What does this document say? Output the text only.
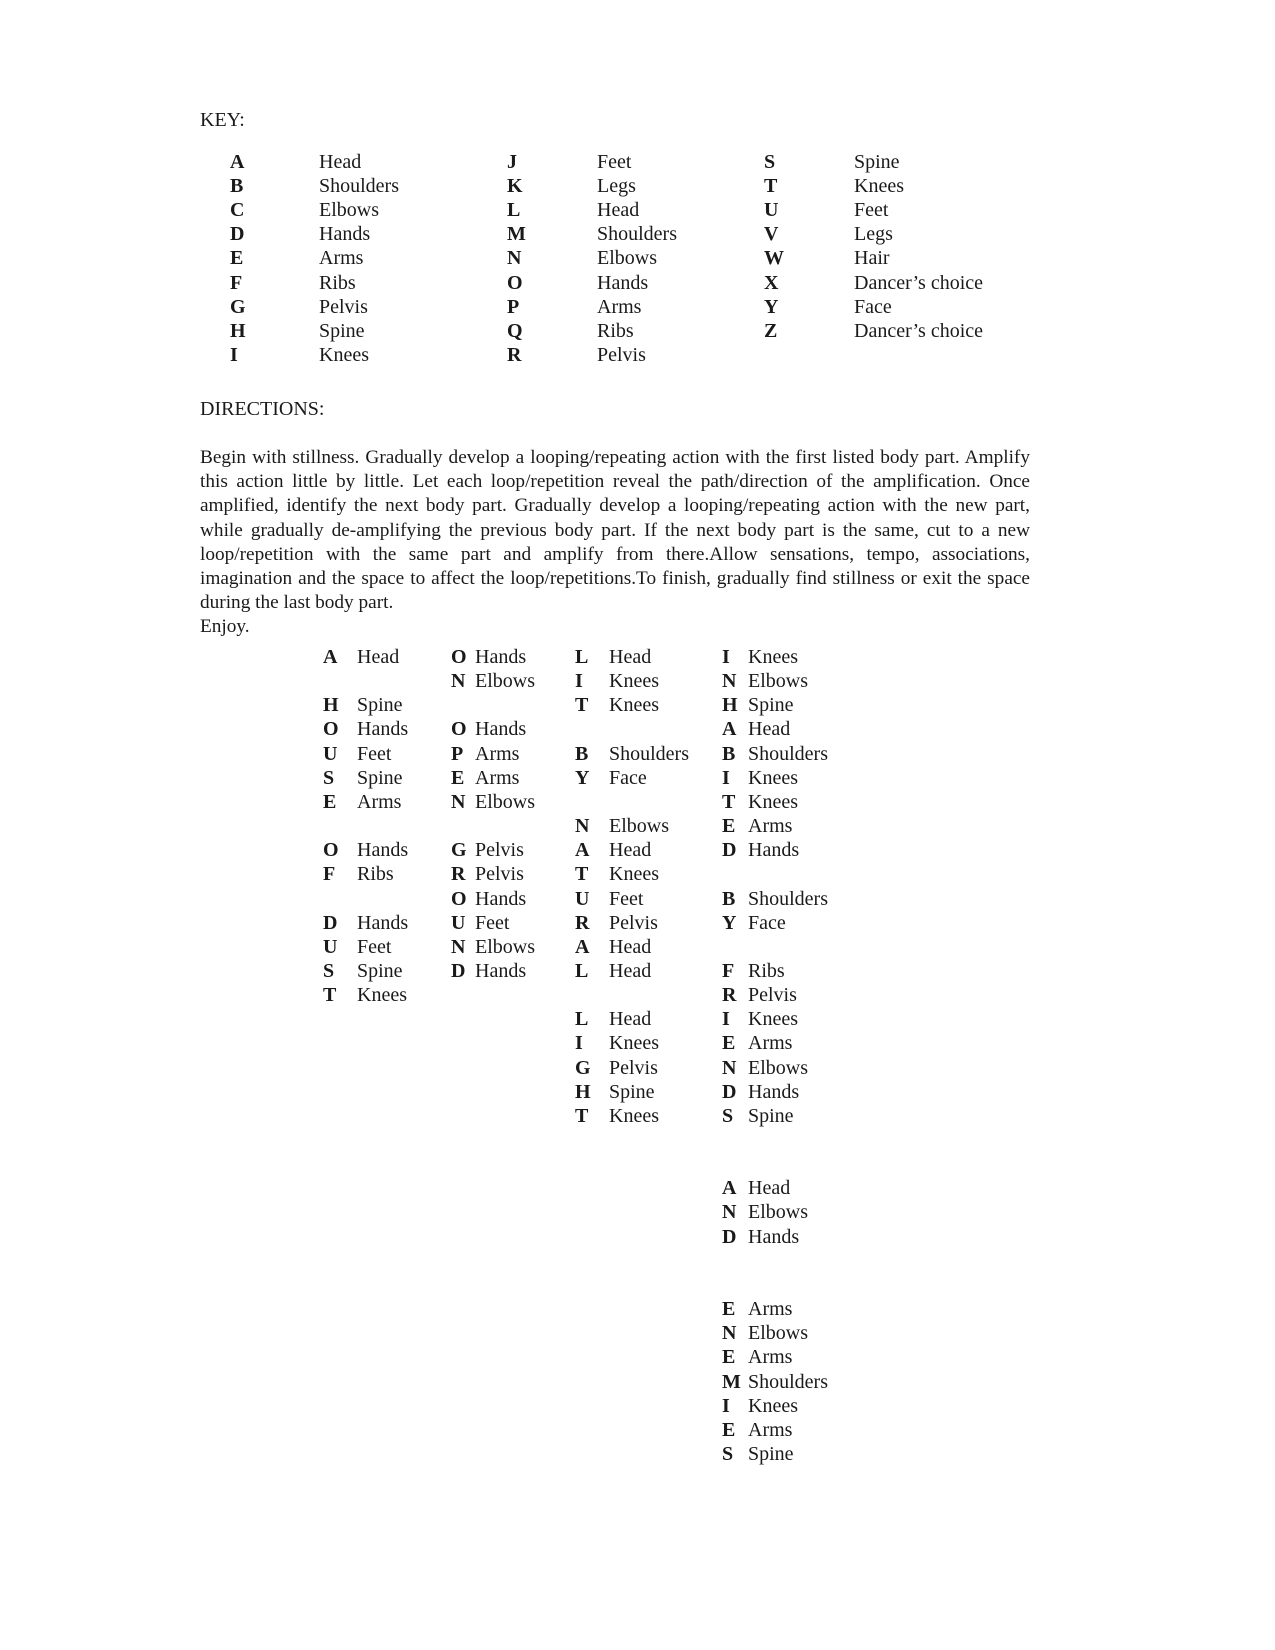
KEY:
A	Head
B	Shoulders
C	Elbows
D	Hands
E	Arms
F	Ribs
G	Pelvis
H	Spine
I	Knees
J	Feet
K	Legs
L	Head
M	Shoulders
N	Elbows
O	Hands
P	Arms
Q	Ribs
R	Pelvis
S	Spine
T	Knees
U	Feet
V	Legs
W	Hair
X	Dancer’s choice
Y	Face
Z	Dancer’s choice
DIRECTIONS:

Begin with stillness. Gradually develop a looping/repeating action with the first listed body part. Amplify this action little by little. Let each loop/repetition reveal the path/direction of the amplification. Once amplified, identify the next body part. Gradually develop a looping/repeating action with the new part, while gradually de-amplifying the previous body part. If the next body part is the same, cut to a new loop/repetition with the same part and amplify from there.Allow sensations, tempo, associations, imagination and the space to affect the loop/repetitions.To finish, gradually find stillness or exit the space during the last body part.

Enjoy.

A Head
H Spine
O Hands
U Feet
S Spine
E Arms
O Hands
F Ribs
D Hands
U Feet
S Spine
T Knees
O Hands
N Elbows
O Hands
P Arms
E Arms
N Elbows
G Pelvis
R Pelvis
O Hands
U Feet
N Elbows
D Hands
L Head
I Knees
T Knees
B Shoulders
Y Face
N Elbows
A Head
T Knees
U Feet
R Pelvis
A Head
L Head
L Head
I Knees
G Pelvis
H Spine
T Knees
I Knees
N Elbows
H Spine
A Head
B Shoulders
I Knees
T Knees
E Arms
D Hands
B Shoulders
Y Face
F Ribs
R Pelvis
I Knees
E Arms
N Elbows
D Hands
S Spine
A Head
N Elbows
D Hands
E Arms
N Elbows
E Arms
M Shoulders
I Knees
E Arms
S Spine
